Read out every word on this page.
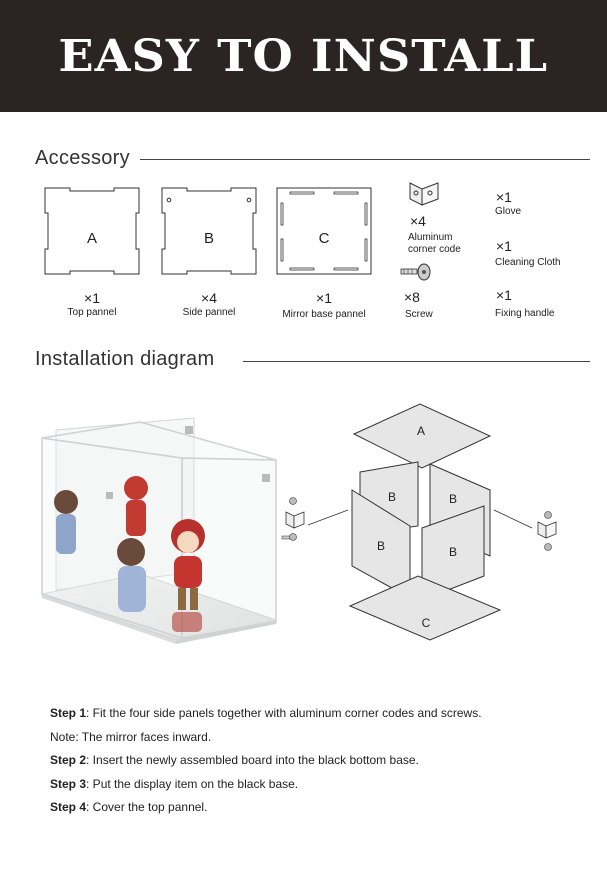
EASY TO INSTALL
Accessory
A
×1
Top pannel
B
×4
Side pannel
C
×1
Mirror base pannel
×4
Aluminum
corner code
×8
Screw
×1
Glove
×1
Cleaning Cloth
×1
Fixing handle
Installation diagram
A
B	B
B	B
C
Step 1: Fit the four side panels together with aluminum corner codes and screws.
Note: The mirror faces inward.
Step 2: Insert the newly assembled board into the black bottom base.
Step 3: Put the display item on the black base.
Step 4: Cover the top pannel.
